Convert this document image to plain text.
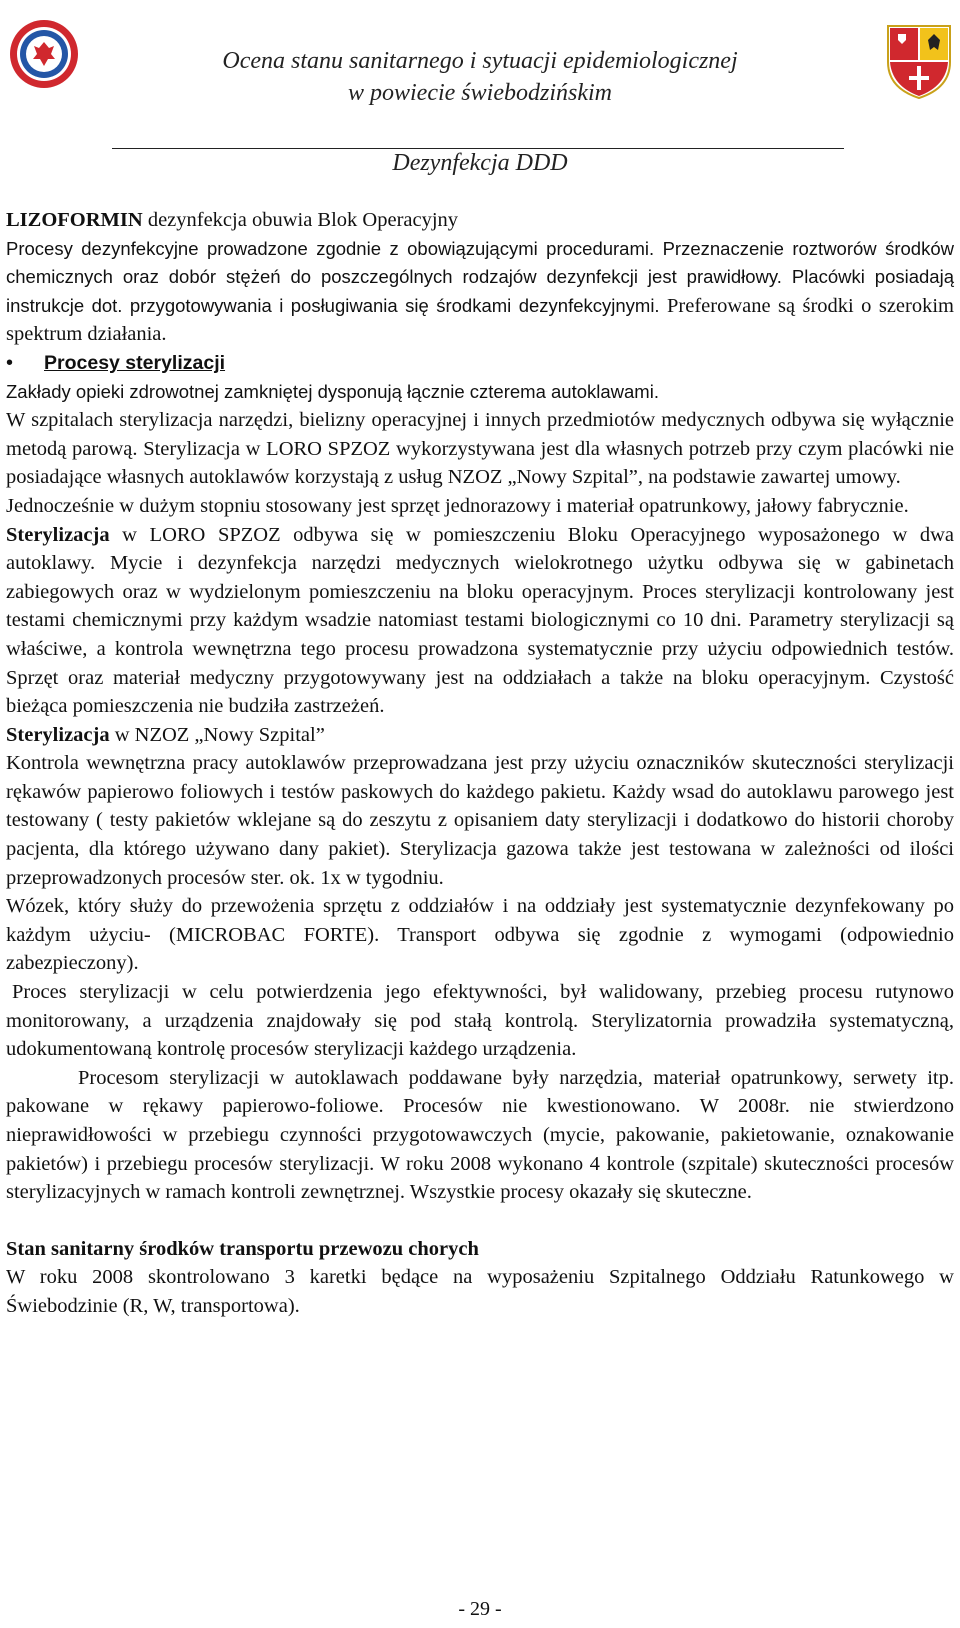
Ocena stanu sanitarnego i sytuacji epidemiologicznej
w powiecie świebodzińskim
Dezynfekcja DDD

LIZOFORMIN dezynfekcja obuwia Blok Operacyjny

Procesy dezynfekcyjne prowadzone zgodnie z obowiązującymi procedurami. Przeznaczenie roztworów środków chemicznych oraz dobór stężeń do poszczególnych rodzajów dezynfekcji jest prawidłowy. Placówki posiadają instrukcje dot. przygotowywania i posługiwania się środkami dezynfekcyjnymi. Preferowane są środki o szerokim spektrum działania.

•	Procesy sterylizacji

Zakłady opieki zdrowotnej zamkniętej dysponują łącznie czterema autoklawami.

W szpitalach sterylizacja narzędzi, bielizny operacyjnej i innych przedmiotów medycznych odbywa się wyłącznie metodą parową. Sterylizacja w LORO SPZOZ wykorzystywana jest dla własnych potrzeb przy czym placówki nie posiadające własnych autoklawów korzystają z usług NZOZ „Nowy Szpital”, na podstawie zawartej umowy.

Jednocześnie w dużym stopniu stosowany jest sprzęt jednorazowy i materiał opatrunkowy, jałowy fabrycznie.

Sterylizacja w LORO SPZOZ odbywa się w pomieszczeniu Bloku Operacyjnego wyposażonego w dwa autoklawy. Mycie i dezynfekcja narzędzi medycznych wielokrotnego użytku odbywa się w gabinetach zabiegowych oraz w wydzielonym pomieszczeniu na bloku operacyjnym. Proces sterylizacji kontrolowany jest testami chemicznymi przy każdym wsadzie natomiast testami biologicznymi co 10 dni. Parametry sterylizacji są właściwe, a kontrola wewnętrzna tego procesu prowadzona systematycznie przy użyciu odpowiednich testów. Sprzęt oraz materiał medyczny przygotowywany jest na oddziałach a także na bloku operacyjnym. Czystość bieżąca pomieszczenia nie budziła zastrzeżeń.

Sterylizacja w NZOZ „Nowy Szpital”

Kontrola wewnętrzna pracy autoklawów przeprowadzana jest przy użyciu oznaczników skuteczności sterylizacji rękawów papierowo foliowych i testów paskowych do każdego pakietu. Każdy wsad do autoklawu parowego jest testowany ( testy pakietów wklejane są do zeszytu z opisaniem daty sterylizacji i dodatkowo do historii choroby pacjenta, dla którego używano dany pakiet). Sterylizacja gazowa także jest testowana w zależności od ilości przeprowadzonych procesów ster. ok. 1x w tygodniu.

Wózek, który służy do przewożenia sprzętu z oddziałów i na oddziały jest systematycznie dezynfekowany po każdym użyciu- (MICROBAC FORTE). Transport odbywa się zgodnie z wymogami (odpowiednio zabezpieczony).

Proces sterylizacji w celu potwierdzenia jego efektywności, był walidowany, przebieg procesu rutynowo monitorowany, a urządzenia znajdowały się pod stałą kontrolą. Sterylizatornia prowadziła systematyczną, udokumentowaną kontrolę procesów sterylizacji każdego urządzenia.

Procesom sterylizacji w autoklawach poddawane były narzędzia, materiał opatrunkowy, serwety itp. pakowane w rękawy papierowo-foliowe. Procesów nie kwestionowano. W 2008r. nie stwierdzono nieprawidłowości w przebiegu czynności przygotowawczych (mycie, pakowanie, pakietowanie, oznakowanie pakietów) i przebiegu procesów sterylizacji. W roku 2008 wykonano 4 kontrole (szpitale) skuteczności procesów sterylizacyjnych w ramach kontroli zewnętrznej. Wszystkie procesy okazały się skuteczne.

Stan sanitarny środków transportu przewozu chorych

W roku 2008 skontrolowano 3 karetki będące na wyposażeniu Szpitalnego Oddziału Ratunkowego w Świebodzinie (R, W, transportowa).

- 29 -
